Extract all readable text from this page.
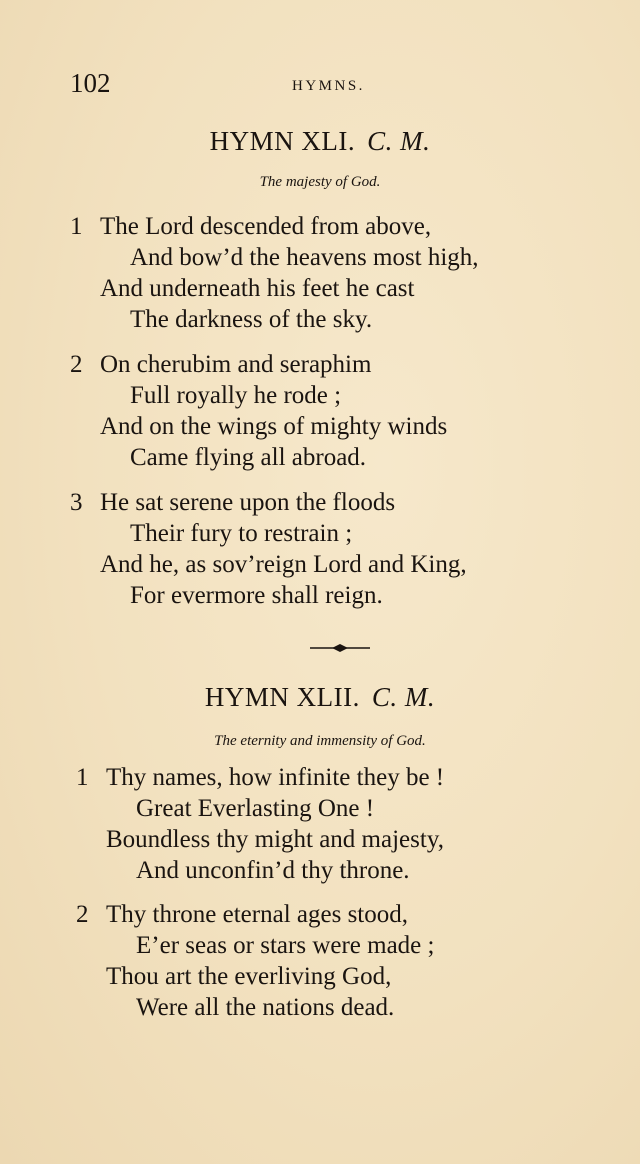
102	HYMNS.
HYMN XLI. C. M.
The majesty of God.
1 The Lord descended from above,
And bow’d the heavens most high,
And underneath his feet he cast
The darkness of the sky.
2 On cherubim and seraphim
Full royally he rode ;
And on the wings of mighty winds
Came flying all abroad.
3 He sat serene upon the floods
Their fury to restrain ;
And he, as sov’reign Lord and King,
For evermore shall reign.
HYMN XLII. C. M.
The eternity and immensity of God.
1 Thy names, how infinite they be !
Great Everlasting One !
Boundless thy might and majesty,
And unconfin’d thy throne.
2 Thy throne eternal ages stood,
E’er seas or stars were made ;
Thou art the everliving God,
Were all the nations dead.
